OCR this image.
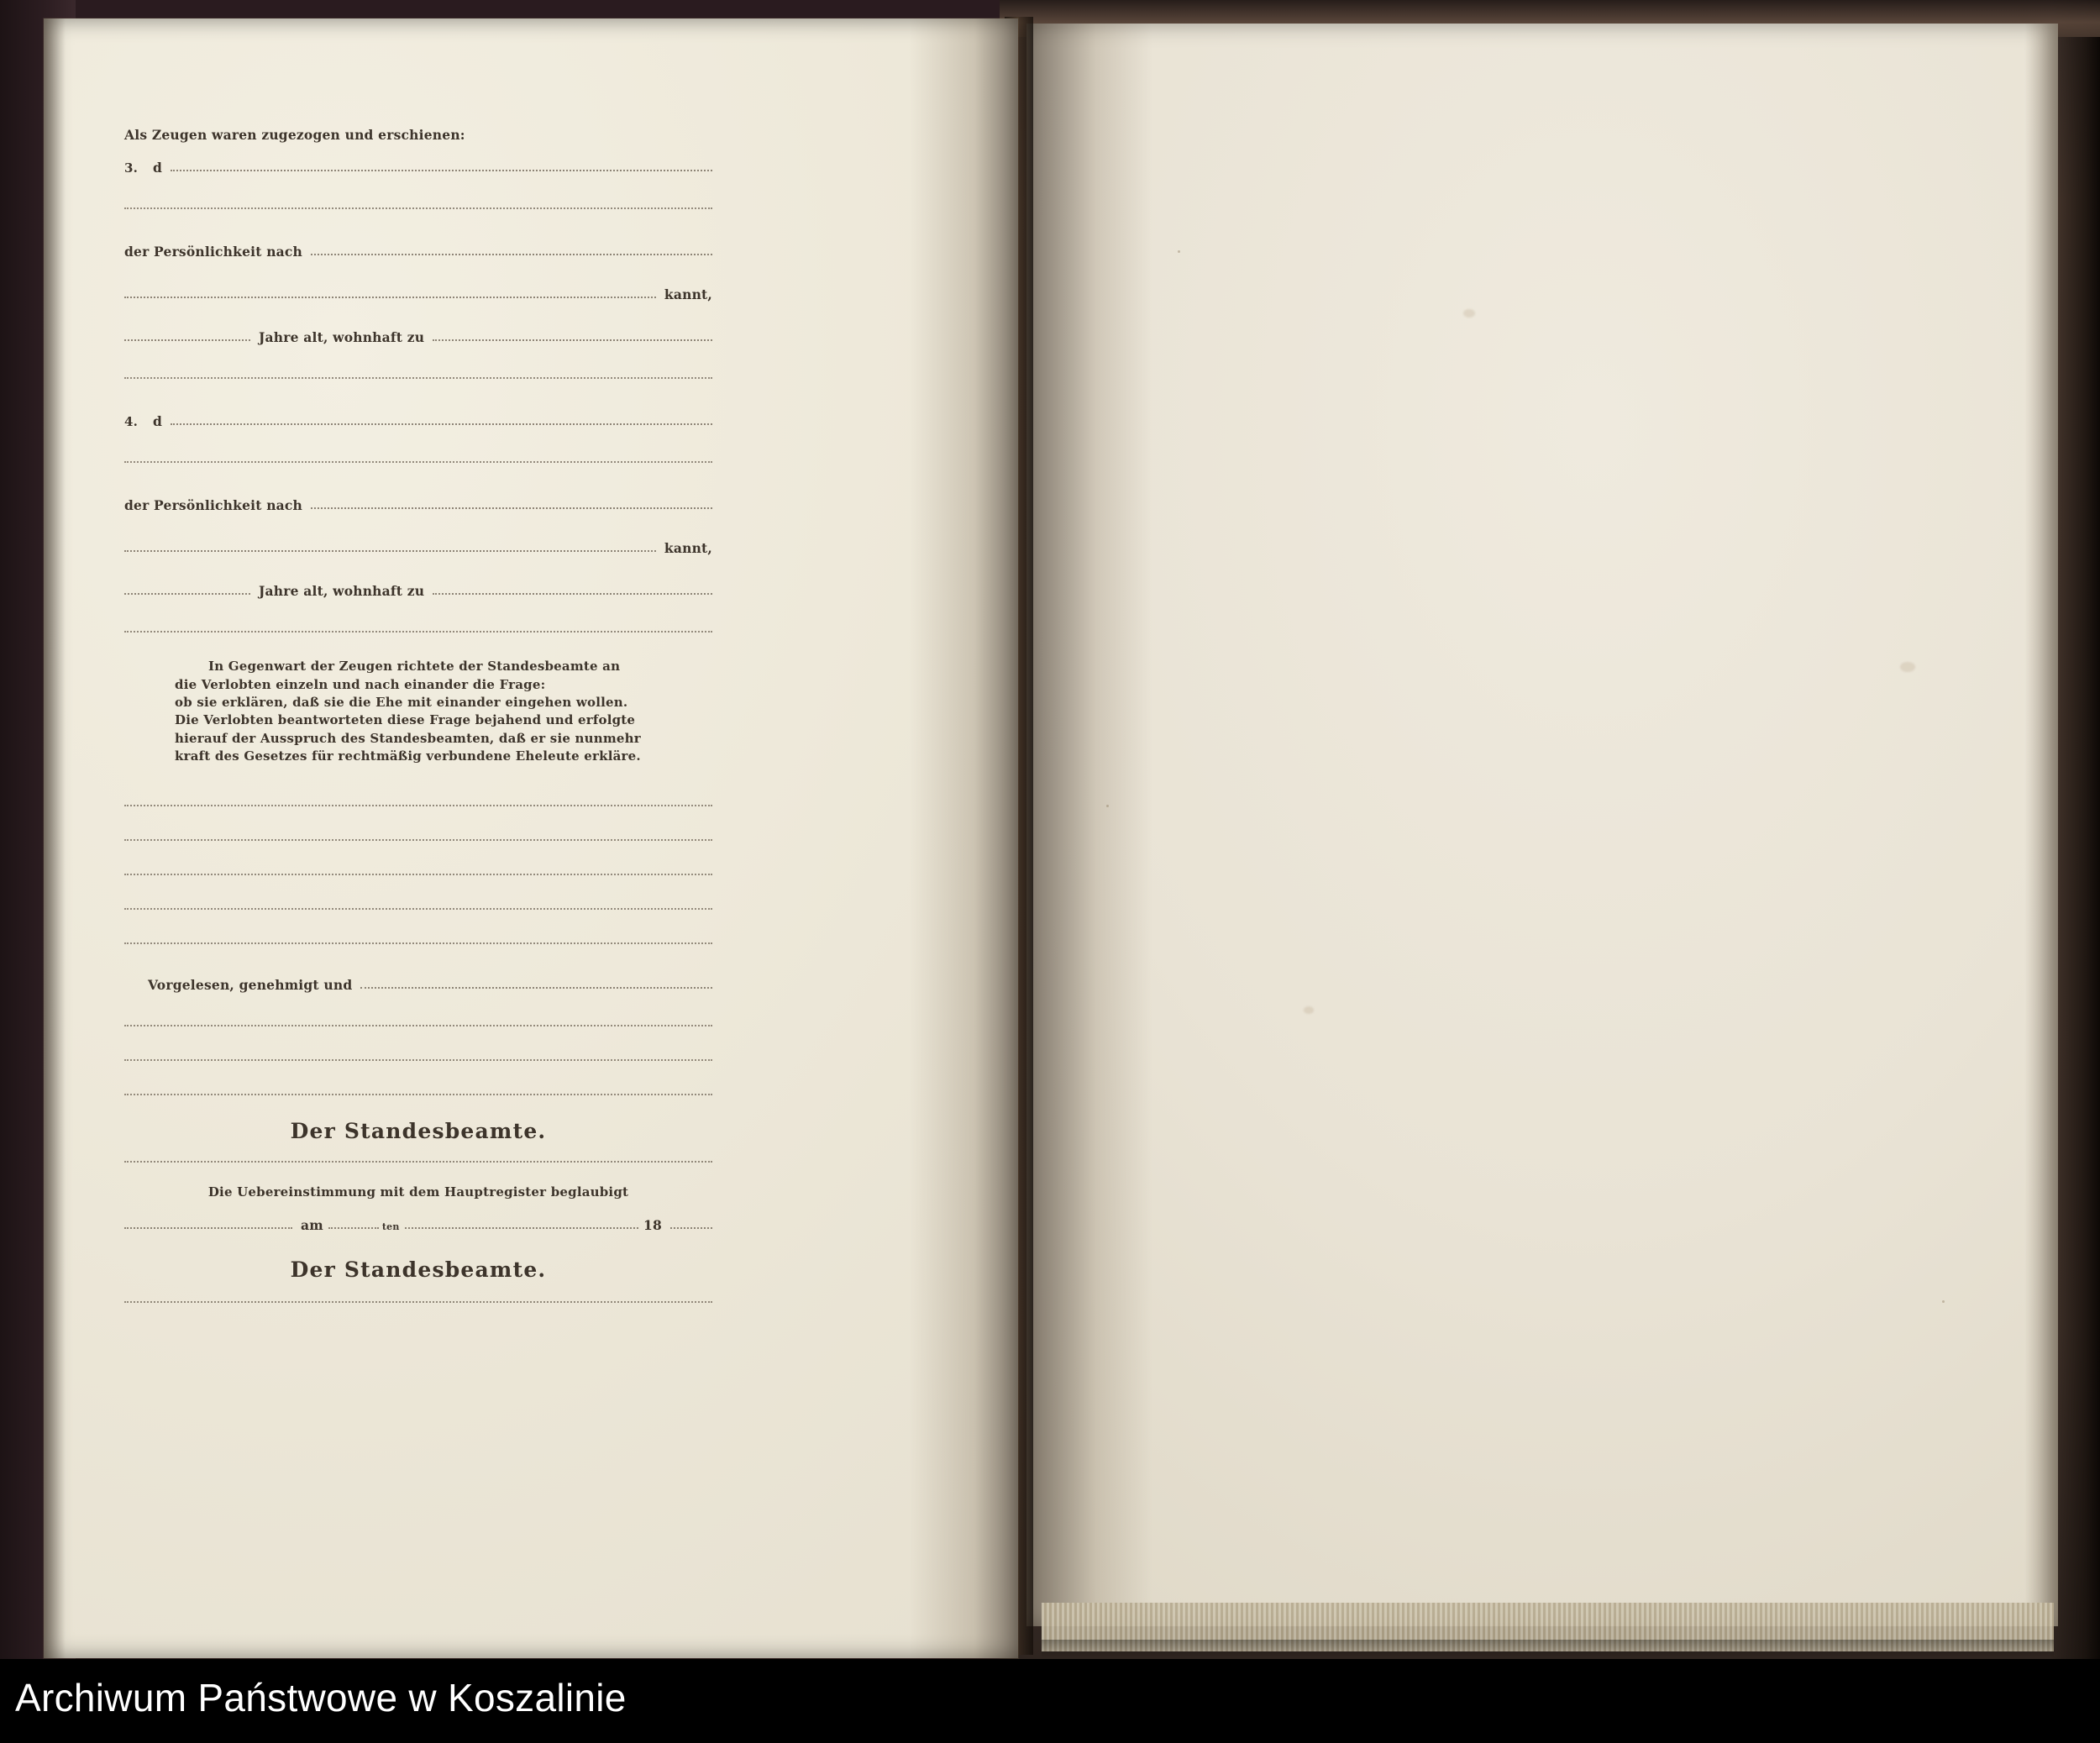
Als Zeugen waren zugezogen und erschienen:
3.	d
der Persönlichkeit nach
kannt,
Jahre alt, wohnhaft zu
4.	d
der Persönlichkeit nach
kannt,
Jahre alt, wohnhaft zu
In Gegenwart der Zeugen richtete der Standesbeamte an
die Verlobten einzeln und nach einander die Frage:
ob sie erklären, daß sie die Ehe mit einander eingehen wollen.
Die Verlobten beantworteten diese Frage bejahend und erfolgte
hierauf der Ausspruch des Standesbeamten, daß er sie nunmehr
kraft des Gesetzes für rechtmäßig verbundene Eheleute erkläre.
Vorgelesen, genehmigt und
Der Standesbeamte.
Die Uebereinstimmung mit dem Hauptregister beglaubigt
am	ten	18
Der Standesbeamte.
Archiwum Państwowe w Koszalinie
